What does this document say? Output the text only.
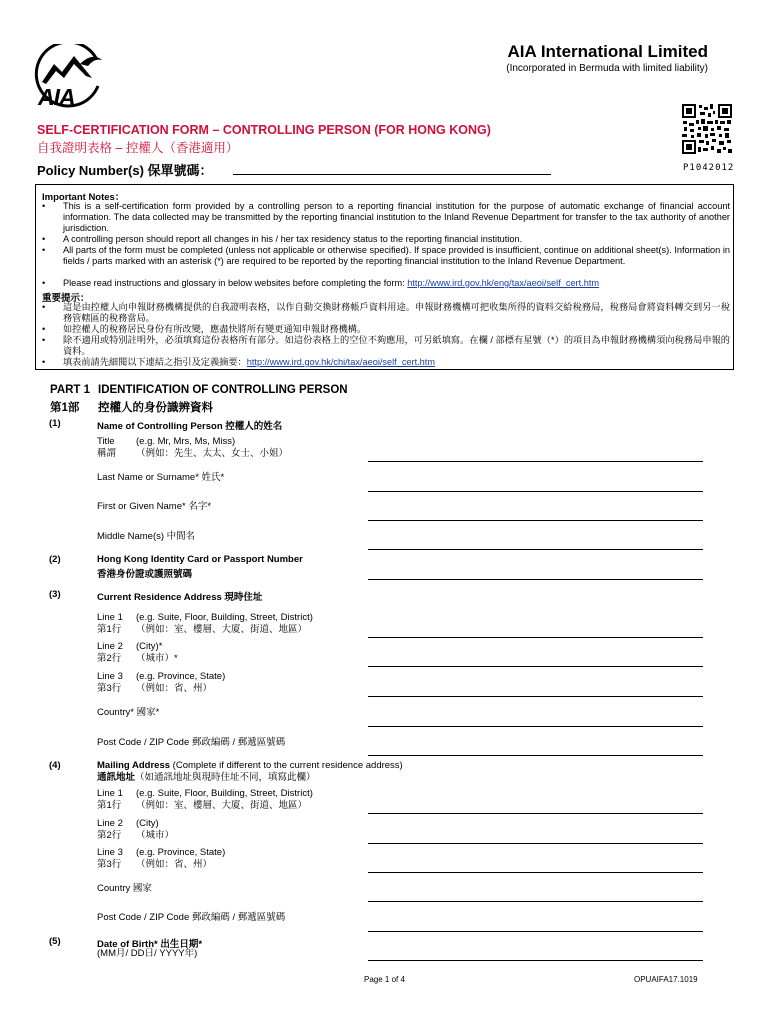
AIA
AIA International Limited
(Incorporated in Bermuda with limited liability)
SELF-CERTIFICATION FORM – CONTROLLING PERSON (FOR HONG KONG)
自我證明表格 – 控權人（香港適用）
Policy Number(s) 保單號碼：	P1042012
Important Notes：
•	This is a self-certification form provided by a controlling person to a reporting financial institution for the purpose of automatic exchange of financial account information. The data collected may be transmitted by the reporting financial institution to the Inland Revenue Department for transfer to the tax authority of another jurisdiction.
•	A controlling person should report all changes in his / her tax residency status to the reporting financial institution.
•	All parts of the form must be completed (unless not applicable or otherwise specified). If space provided is insufficient, continue on additional sheet(s). Information in fields / parts marked with an asterisk (*) are required to be reported by the reporting financial institution to the Inland Revenue Department.
•	Please read instructions and glossary in below websites before completing the form: http://www.ird.gov.hk/eng/tax/aeoi/self_cert.htm
重要提示：
•	這是由控權人向申報財務機構提供的自我證明表格，以作自動交換財務帳戶資料用途。申報財務機構可把收集所得的資料交給稅務局，稅務局會將資料轉交到另一稅務管轄區的稅務當局。
•	如控權人的稅務居民身份有所改變，應盡快將所有變更通知申報財務機構。
•	除不適用或特別註明外，必須填寫這份表格所有部分。如這份表格上的空位不夠應用，可另紙填寫。在欄 / 部標有星號（*）的項目為申報財務機構須向稅務局申報的資料。
•	填表前請先細閱以下連結之指引及定義摘要：http://www.ird.gov.hk/chi/tax/aeoi/self_cert.htm
PART 1
第1部
IDENTIFICATION OF CONTROLLING PERSON
控權人的身份識辨資料
(1)	Name of Controlling Person 控權人的姓名
Title (e.g. Mr, Mrs, Ms, Miss)
稱謂 （例如：先生、太太、女士、小姐）
Last Name or Surname* 姓氏*
First or Given Name* 名字*
Middle Name(s) 中間名
(2)	Hong Kong Identity Card or Passport Number
香港身份證或護照號碼
(3)	Current Residence Address 現時住址
Line 1 (e.g. Suite, Floor, Building, Street, District)
第1行 （例如：室、樓層、大廈、街道、地區）
Line 2 (City)*
第2行 （城市）*
Line 3 (e.g. Province, State)
第3行 （例如：省、州）
Country* 國家*
Post Code / ZIP Code 郵政編碼 / 郵遞區號碼
(4)	Mailing Address (Complete if different to the current residence address)
通訊地址（如通訊地址與現時住址不同，填寫此欄）
Line 1 (e.g. Suite, Floor, Building, Street, District)
第1行 （例如：室、樓層、大廈、街道、地區）
Line 2 (City)
第2行 （城市）
Line 3 (e.g. Province, State)
第3行 （例如：省、州）
Country 國家
Post Code / ZIP Code 郵政編碼 / 郵遞區號碼
(5)	Date of Birth* 出生日期*
(MM月/ DD日/ YYYY年)
Page 1 of 4	OPUAIFA17.1019
